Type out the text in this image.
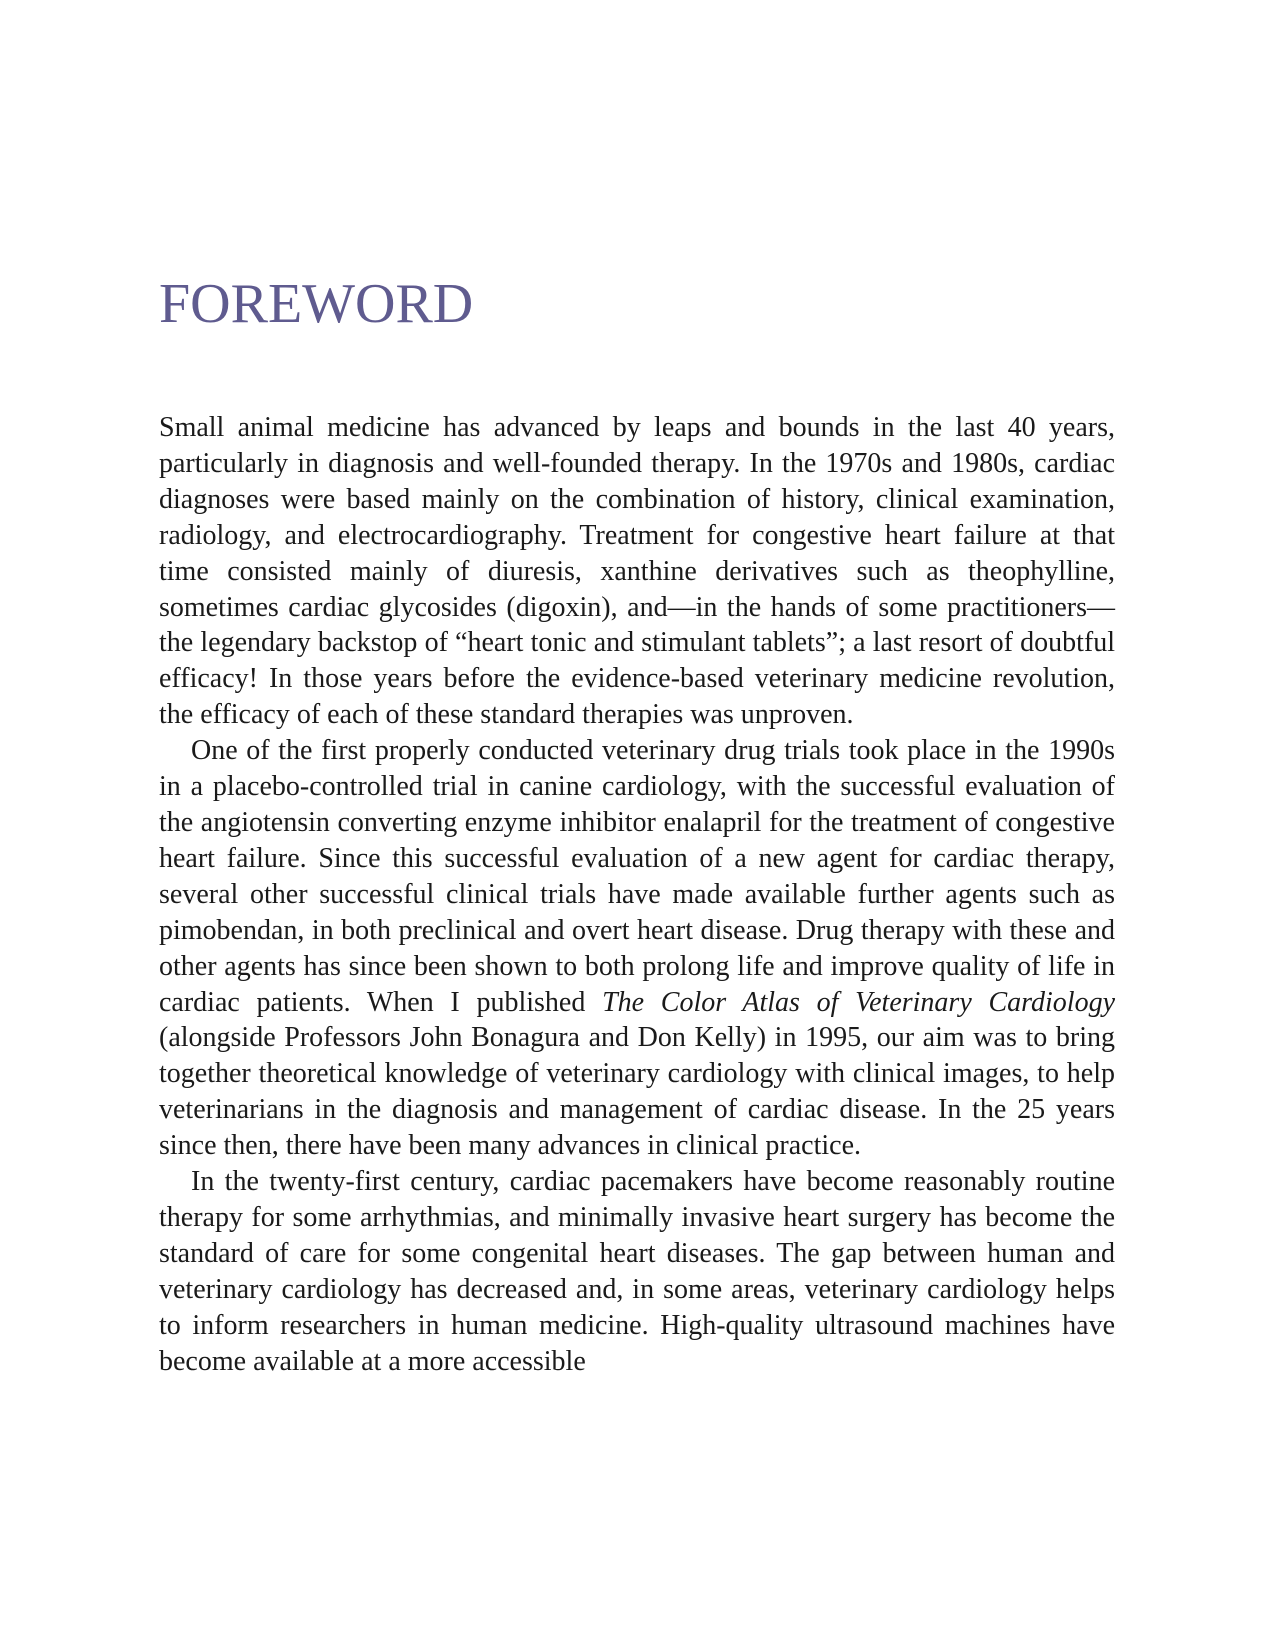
FOREWORD

Small animal medicine has advanced by leaps and bounds in the last 40 years, particularly in diagnosis and well-founded therapy. In the 1970s and 1980s, cardiac diagnoses were based mainly on the combination of history, clinical examination, radiology, and electrocardiography. Treatment for congestive heart failure at that time consisted mainly of diuresis, xanthine derivatives such as theophylline, sometimes cardiac glycosides (digoxin), and—in the hands of some practitioners—the legendary backstop of “heart tonic and stimulant tablets”; a last resort of doubtful efficacy! In those years before the evidence-based veterinary medicine revolution, the efficacy of each of these standard therapies was unproven.

One of the first properly conducted veterinary drug trials took place in the 1990s in a placebo-controlled trial in canine cardiology, with the successful evaluation of the angiotensin converting enzyme inhibitor enalapril for the treatment of congestive heart failure. Since this successful evaluation of a new agent for cardiac therapy, several other successful clinical trials have made available further agents such as pimobendan, in both preclinical and overt heart disease. Drug therapy with these and other agents has since been shown to both prolong life and improve quality of life in cardiac patients. When I published The Color Atlas of Veterinary Cardiology (alongside Professors John Bonagura and Don Kelly) in 1995, our aim was to bring together theoretical knowledge of veterinary cardiology with clinical images, to help veterinarians in the diagnosis and management of cardiac disease. In the 25 years since then, there have been many advances in clinical practice.

In the twenty-first century, cardiac pacemakers have become reasonably routine therapy for some arrhythmias, and minimally invasive heart surgery has become the standard of care for some congenital heart diseases. The gap between human and veterinary cardiology has decreased and, in some areas, veterinary cardiology helps to inform researchers in human medicine. High-quality ultrasound machines have become available at a more accessible
